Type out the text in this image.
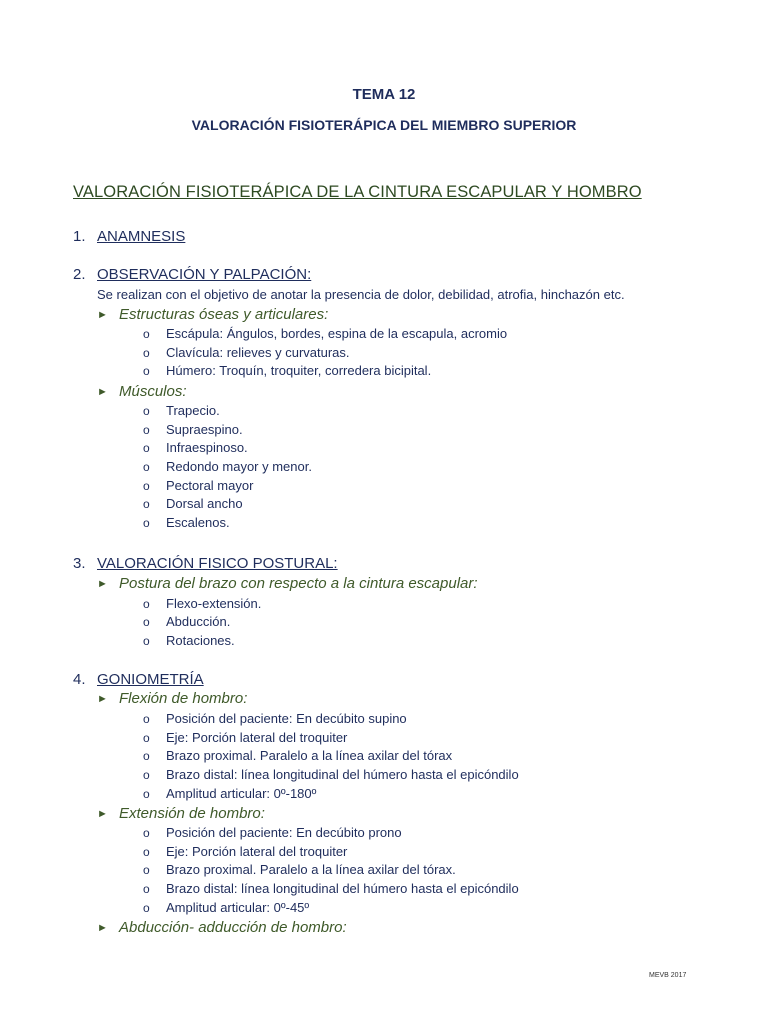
TEMA 12
VALORACIÓN FISIOTERÁPICA DEL MIEMBRO SUPERIOR
VALORACIÓN FISIOTERÁPICA DE LA CINTURA ESCAPULAR Y HOMBRO
1. ANAMNESIS
2. OBSERVACIÓN Y PALPACIÓN:
Se realizan con el objetivo de anotar la presencia de dolor, debilidad, atrofia, hinchazón etc.
► Estructuras óseas y articulares:
o Escápula: Ángulos, bordes, espina de la escapula, acromio
o Clavícula: relieves y curvaturas.
o Húmero: Troquín, troquiter, corredera bicipital.
► Músculos:
o Trapecio.
o Supraespino.
o Infraespinoso.
o Redondo mayor y menor.
o Pectoral mayor
o Dorsal ancho
o Escalenos.
3. VALORACIÓN FISICO POSTURAL:
► Postura del brazo con respecto a la cintura escapular:
o Flexo-extensión.
o Abducción.
o Rotaciones.
4. GONIOMETRÍA
► Flexión de hombro:
o Posición del paciente: En decúbito supino
o Eje: Porción lateral del troquiter
o Brazo proximal. Paralelo a la línea axilar del tórax
o Brazo distal: línea longitudinal del húmero hasta el epicóndilo
o Amplitud articular: 0º-180º
► Extensión de hombro:
o Posición del paciente: En decúbito prono
o Eje: Porción lateral del troquiter
o Brazo proximal. Paralelo a la línea axilar del tórax.
o Brazo distal: línea longitudinal del húmero hasta el epicóndilo
o Amplitud articular: 0º-45º
► Abducción- adducción de hombro:
MEVB 2017
